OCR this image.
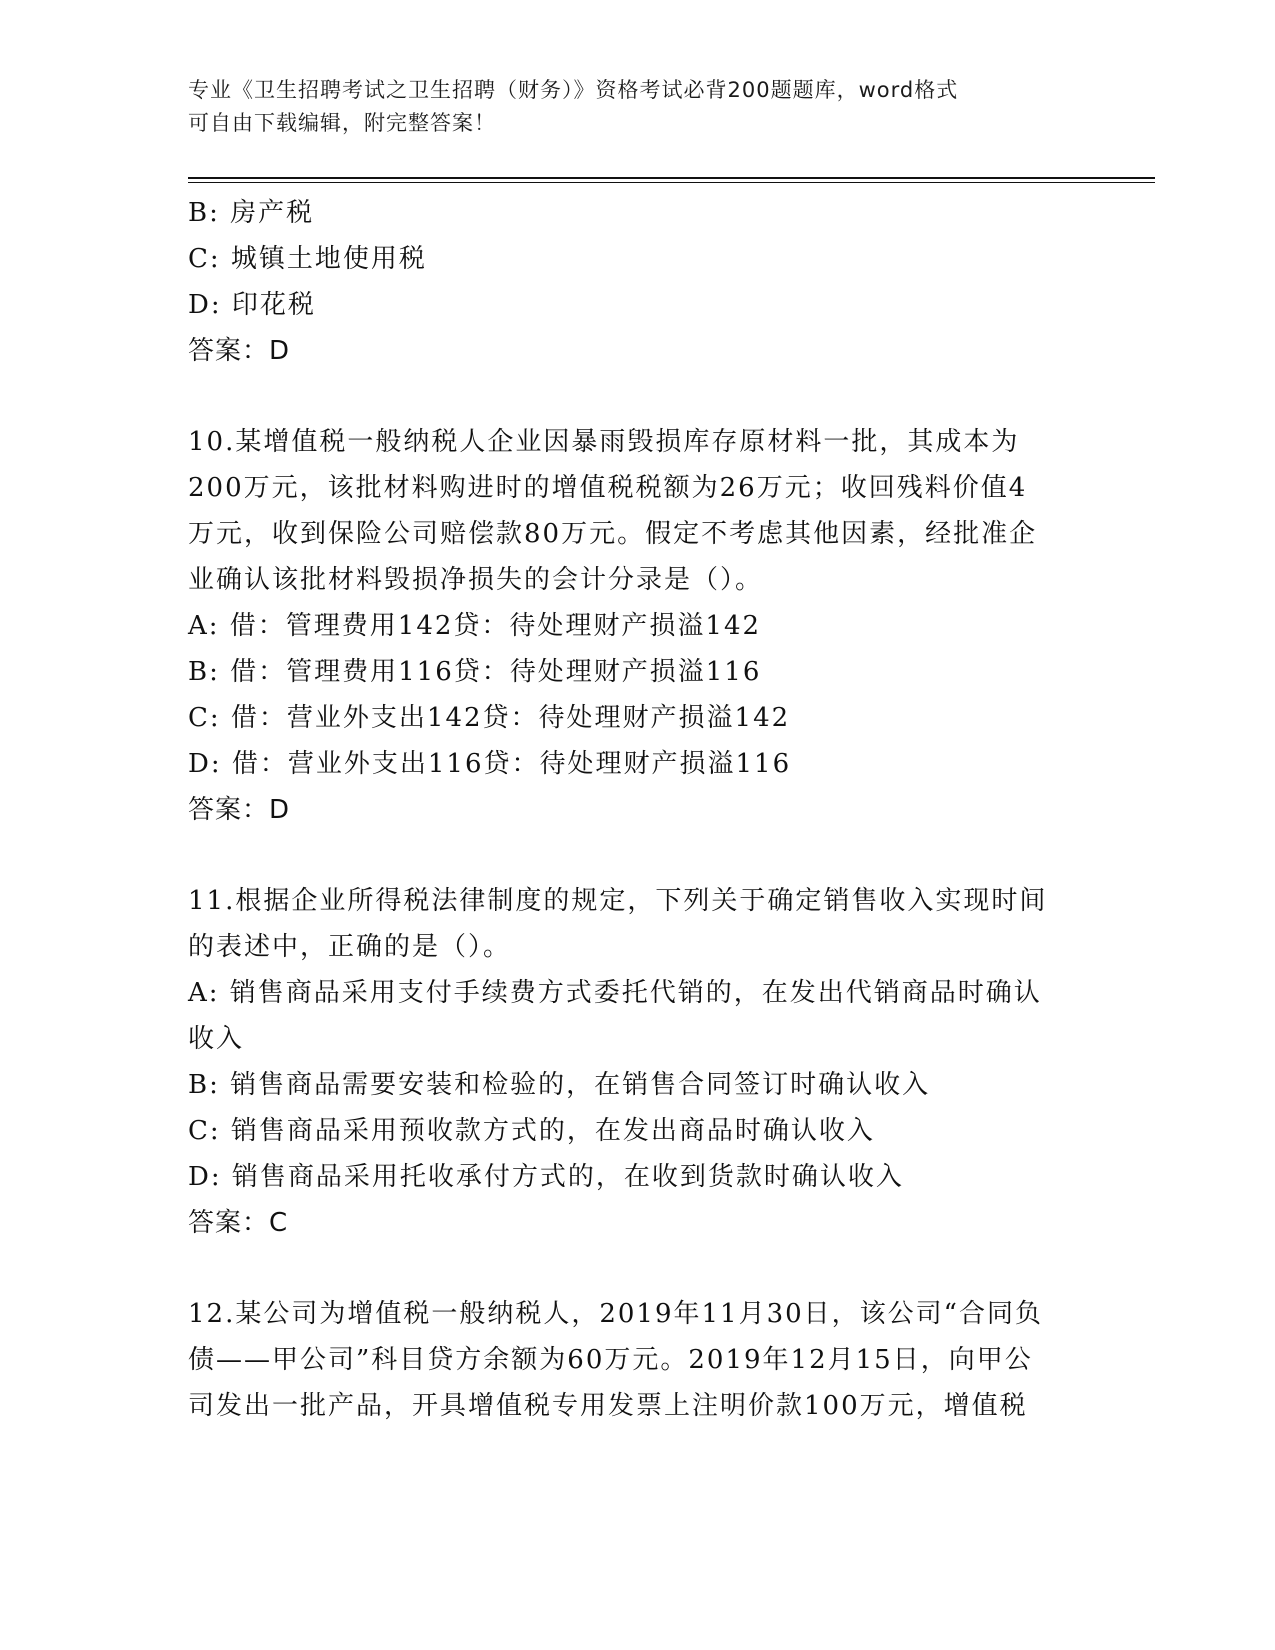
专业《卫生招聘考试之卫生招聘（财务）》资格考试必背200题题库，word格式
可自由下载编辑，附完整答案！
B: 房产税
C: 城镇土地使用税
D: 印花税
答案：D
10.某增值税一般纳税人企业因暴雨毁损库存原材料一批，其成本为
200万元，该批材料购进时的增值税税额为26万元；收回残料价值4
万元，收到保险公司赔偿款80万元。假定不考虑其他因素，经批准企
业确认该批材料毁损净损失的会计分录是（）。
A: 借：管理费用142贷：待处理财产损溢142
B: 借：管理费用116贷：待处理财产损溢116
C: 借：营业外支出142贷：待处理财产损溢142
D: 借：营业外支出116贷：待处理财产损溢116
答案：D
11.根据企业所得税法律制度的规定，下列关于确定销售收入实现时间
的表述中，正确的是（）。
A: 销售商品采用支付手续费方式委托代销的，在发出代销商品时确认
收入
B: 销售商品需要安装和检验的，在销售合同签订时确认收入
C: 销售商品采用预收款方式的，在发出商品时确认收入
D: 销售商品采用托收承付方式的，在收到货款时确认收入
答案：C
12.某公司为增值税一般纳税人，2019年11月30日，该公司“合同负
债——甲公司”科目贷方余额为60万元。2019年12月15日，向甲公
司发出一批产品，开具增值税专用发票上注明价款100万元，增值税
